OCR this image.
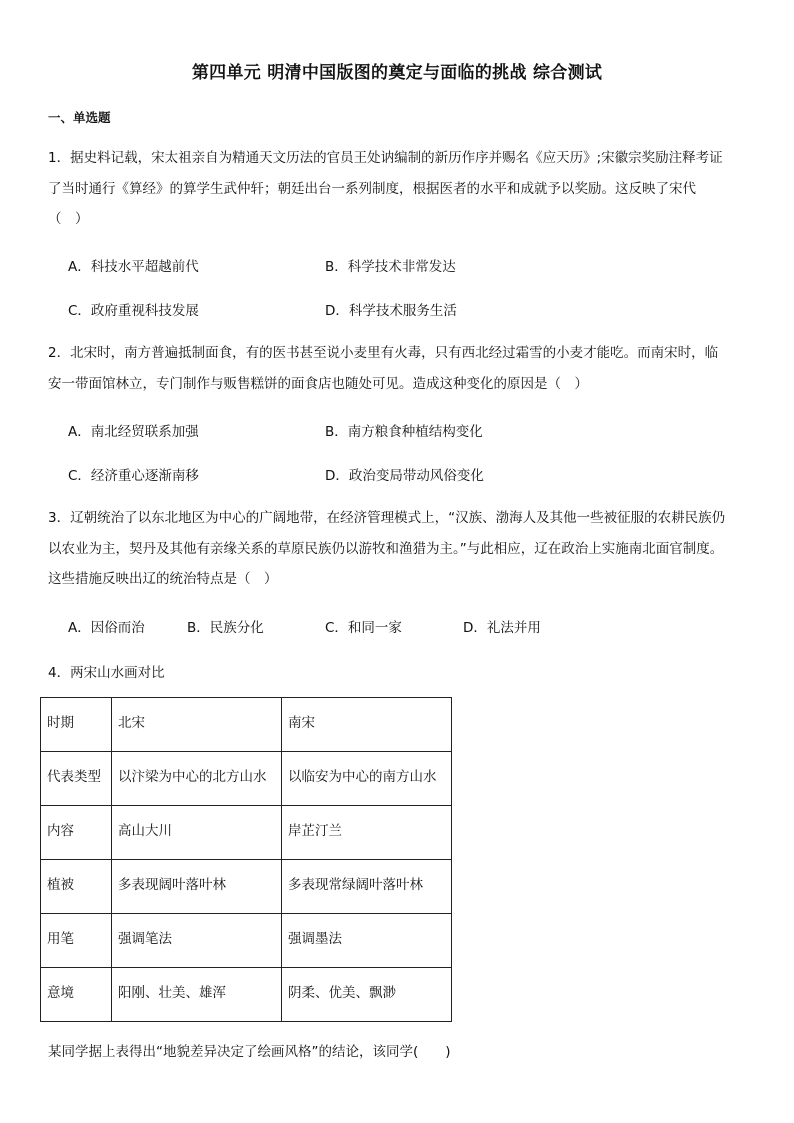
第四单元 明清中国版图的奠定与面临的挑战 综合测试
一、单选题
1．据史料记载，宋太祖亲自为精通天文历法的官员王处讷编制的新历作序并赐名《应天历》;宋徽宗奖励注释考证
了当时通行《算经》的算学生武仲轩；朝廷出台一系列制度，根据医者的水平和成就予以奖励。这反映了宋代
（　）
A．科技水平超越前代	B．科学技术非常发达
C．政府重视科技发展	D．科学技术服务生活
2．北宋时，南方普遍抵制面食，有的医书甚至说小麦里有火毒，只有西北经过霜雪的小麦才能吃。而南宋时，临
安一带面馆林立，专门制作与贩售糕饼的面食店也随处可见。造成这种变化的原因是（　）
A．南北经贸联系加强	B．南方粮食种植结构变化
C．经济重心逐渐南移	D．政治变局带动风俗变化
3．辽朝统治了以东北地区为中心的广阔地带，在经济管理模式上，“汉族、渤海人及其他一些被征服的农耕民族仍
以农业为主，契丹及其他有亲缘关系的草原民族仍以游牧和渔猎为主。”与此相应，辽在政治上实施南北面官制度。
这些措施反映出辽的统治特点是（　）
A．因俗而治	B．民族分化	C．和同一家	D．礼法并用
4．两宋山水画对比
时期	北宋	南宋
代表类型	以汴梁为中心的北方山水	以临安为中心的南方山水
内容	高山大川	岸芷汀兰
植被	多表现阔叶落叶林	多表现常绿阔叶落叶林
用笔	强调笔法	强调墨法
意境	阳刚、壮美、雄浑	阴柔、优美、飘渺
某同学据上表得出“地貌差异决定了绘画风格”的结论，该同学(　　)
